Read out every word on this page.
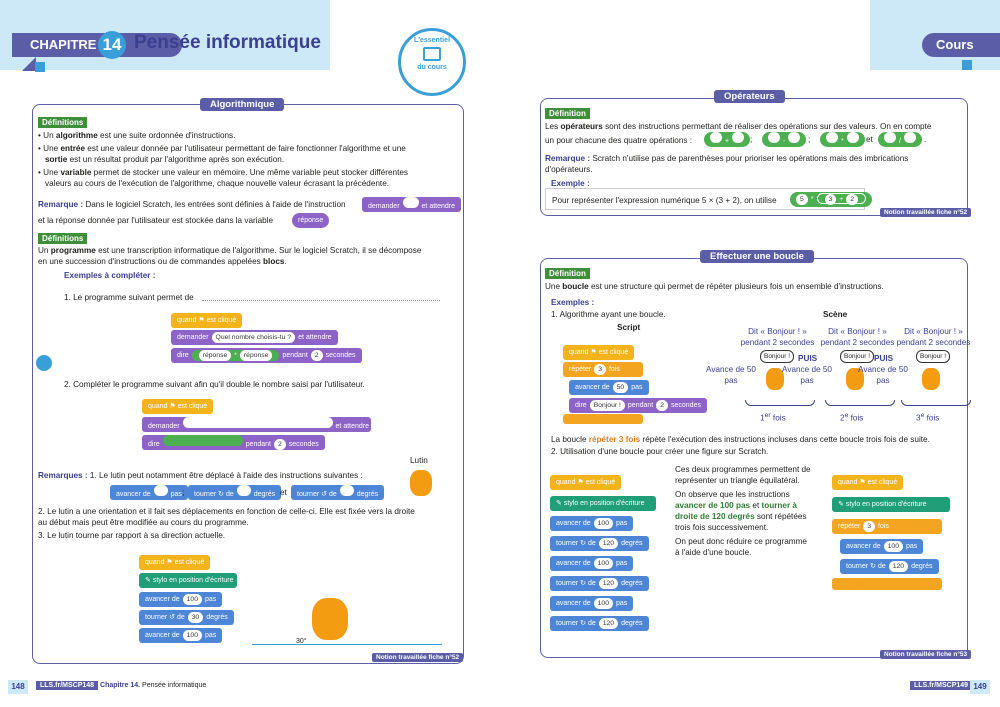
CHAPITRE 14 Pensée informatique	Cours
L'essentiel
du cours
Algorithmique
Définitions
• Un algorithme est une suite ordonnée d'instructions.
• Une entrée est une valeur donnée par l'utilisateur permettant de faire fonctionner l'algorithme et une
sortie est un résultat produit par l'algorithme après son exécution.
• Une variable permet de stocker une valeur en mémoire. Une même variable peut stocker différentes
valeurs au cours de l'exécution de l'algorithme, chaque nouvelle valeur écrasant la précédente.
Remarque : Dans le logiciel Scratch, les entrées sont définies à l'aide de l'instruction	demander	et attendre
et la réponse donnée par l'utilisateur est stockée dans la variable	réponse
Définitions
Un programme est une transcription informatique de l'algorithme. Sur le logiciel Scratch, il se décompose
en une succession d'instructions ou de commandes appelées blocs.
Exemples à compléter :
1. Le programme suivant permet de
quand ⚑ est cliqué
demander Quel nombre choisis-tu ? et attendre
dire réponse * réponse pendant 2 secondes
2. Compléter le programme suivant afin qu'il double le nombre saisi par l'utilisateur.
quand ⚑ est cliqué
demander	et attendre
dire	pendant 2 secondes
Lutin
Remarques : 1. Le lutin peut notamment être déplacé à l'aide des instructions suivantes :
avancer de	pas ;	tourner ↻ de	degrés et	tourner ↺ de	degrés
2. Le lutin a une orientation et il fait ses déplacements en fonction de celle-ci. Elle est fixée vers la droite
au début mais peut être modifiée au cours du programme.
3. Le lutin tourne par rapport à sa direction actuelle.
quand ⚑ est cliqué
✎ stylo en position d'écriture
avancer de 100 pas
tourner ↺ de 30 degrés
avancer de 100 pas
30°
Notion travaillée fiche n°52
Opérateurs
Définition
Les opérateurs sont des instructions permettant de réaliser des opérations sur des valeurs. On en compte
un pour chacune des quatre opérations :	+	;	-	;	*	et	/	.
Remarque : Scratch n'utilise pas de parenthèses pour prioriser les opérations mais des imbrications
d'opérateurs.
Exemple :
Pour représenter l'expression numérique 5 × (3 + 2), on utilise	5 * 3 + 2
Notion travaillée fiche n°52
Effectuer une boucle
Définition
Une boucle est une structure qui permet de répéter plusieurs fois un ensemble d'instructions.
Exemples :
1. Algorithme ayant une boucle.
Script
Scène
quand ⚑ est cliqué
répéter 3 fois
avancer de 50 pas
dire Bonjour ! pendant 2 secondes
Dit « Bonjour ! » pendant 2 secondes
Bonjour !
1er fois
Dit « Bonjour ! » pendant 2 secondes
Bonjour !
2e fois
Dit « Bonjour ! » pendant 2 secondes
Bonjour !
3e fois
Avance de 50 pas
Avance de 50 pas
PUIS
Avance de 50 pas
PUIS
La boucle répéter 3 fois répète l'exécution des instructions incluses dans cette boucle trois fois de suite.
2. Utilisation d'une boucle pour créer une figure sur Scratch.
quand ⚑ est cliqué
✎ stylo en position d'écriture
avancer de 100 pas
tourner ↻ de 120 degrés
avancer de 100 pas
tourner ↻ de 120 degrés
avancer de 100 pas
tourner ↻ de 120 degrés
Ces deux programmes permettent de
représenter un triangle équilatéral.
On observe que les instructions
avancer de 100 pas et tourner à
droite de 120 degrés sont répétées
trois fois successivement.
On peut donc réduire ce programme
à l'aide d'une boucle.
quand ⚑ est cliqué
✎ stylo en position d'écriture
répéter 3 fois
avancer de 100 pas
tourner ↻ de 120 degrés
Notion travaillée fiche n°53
148	LLS.fr/MSCP148 Chapitre 14. Pensée informatique	LLS.fr/MSCP149 149
